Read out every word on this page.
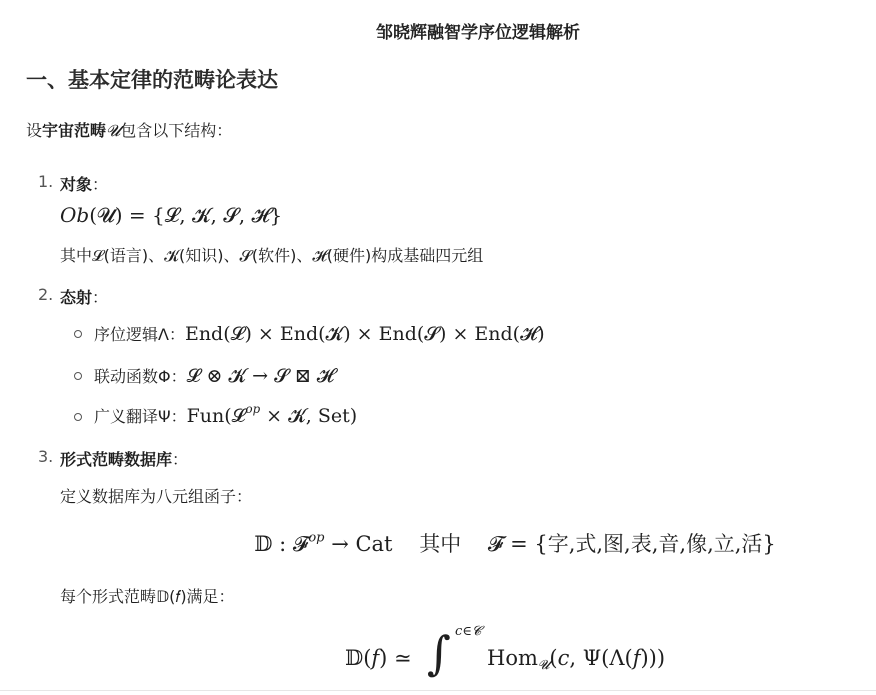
邹晓辉融智学序位逻辑解析
一、基本定律的范畴论表达
设宇宙范畴𝓤包含以下结构：
1. 对象：
𝑂𝑏(𝓤) = {𝓛, 𝓚, 𝓢, 𝓗}
其中𝓛(语言)、𝓚(知识)、𝓢(软件)、𝓗(硬件)构成基础四元组
2. 态射：
序位逻辑Λ：End(𝓛) × End(𝓚) × End(𝓢) × End(𝓗)
联动函数Φ：𝓛 ⊗ 𝓚 → 𝓢 ⊠ 𝓗
广义翻译Ψ：Fun(𝓛$^{op}$ × 𝓚, Set)
3. 形式范畴数据库：
定义数据库为八元组函子：
𝔻 : 𝓕$^{op}$ → Cat    其中    𝓕 = {字,式,图,表,音,像,立,活}
每个形式范畴𝔻(𝑓)满足：
𝔻(𝑓) ≃ ∫ c∈𝓒
Hom$_𝓤$(𝑐, Ψ(Λ(𝑓)))
